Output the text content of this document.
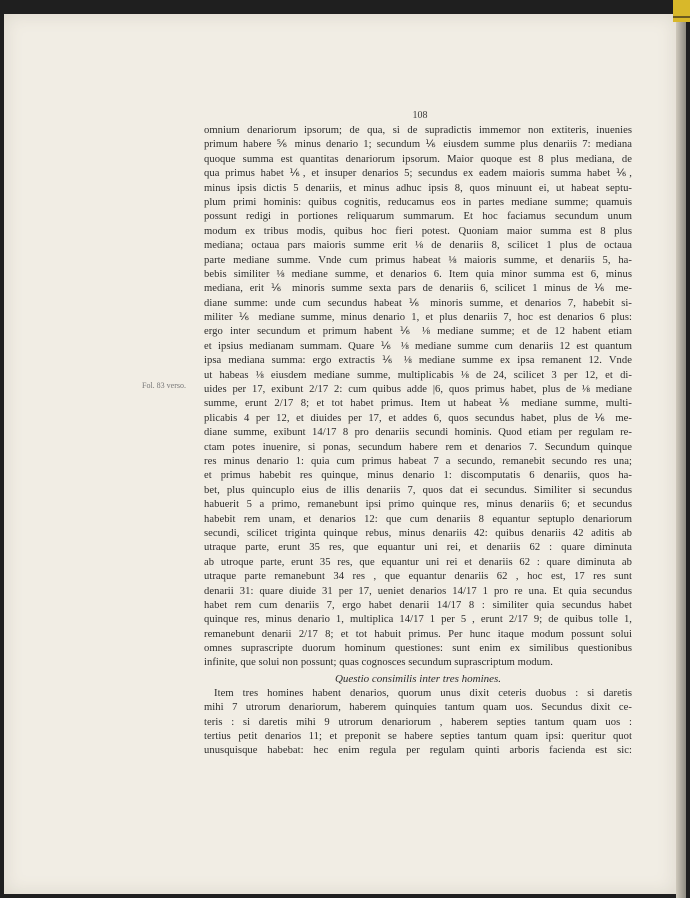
108
Fol. 83 verso.
omnium denariorum ipsorum; de qua, si de supradictis immemor non extiteris, inuenies
primum habere ⅚ minus denario 1; secundum ⅙ eiusdem summe plus denariis 7: mediana
quoque summa est quantitas denariorum ipsorum. Maior quoque est 8 plus mediana, de
qua primus habet ⅙, et insuper denarios 5; secundus ex eadem maioris summa habet ⅙,
minus ipsis dictis 5 denariis, et minus adhuc ipsis 8, quos minuunt ei, ut habeat septu-
plum primi hominis: quibus cognitis, reducamus eos in partes mediane summe; quamuis
possunt redigi in portiones reliquarum summarum. Et hoc faciamus secundum unum
modum ex tribus modis, quibus hoc fieri potest. Quoniam maior summa est 8 plus
mediana; octaua pars maioris summe erit ⅛ de denariis 8, scilicet 1 plus de octaua
parte mediane summe. Vnde cum primus habeat ⅛ maioris summe, et denariis 5, ha-
bebis similiter ⅛ mediane summe, et denarios 6. Item quia minor summa est 6, minus
mediana, erit ⅙ minoris summe sexta pars de denariis 6, scilicet 1 minus de ⅙ me-
diane summe: unde cum secundus habeat ⅙ minoris summe, et denarios 7, habebit si-
militer ⅙ mediane summe, minus denario 1, et plus denariis 7, hoc est denarios 6 plus:
ergo inter secundum et primum habent ⅙ ⅛ mediane summe; et de 12 habent etiam
et ipsius medianam summam. Quare ⅙ ⅛ mediane summe cum denariis 12 est quantum
ipsa mediana summa: ergo extractis ⅙ ⅛ mediane summe ex ipsa remanent 12. Vnde
ut habeas ⅛ eiusdem mediane summe, multiplicabis ⅛ de 24, scilicet 3 per 12, et di-
uides per 17, exibunt 2/17 2: cum quibus adde |6, quos primus habet, plus de ⅛ mediane
summe, erunt 2/17 8; et tot habet primus. Item ut habeat ⅙ mediane summe, multi-
plicabis 4 per 12, et diuides per 17, et addes 6, quos secundus habet, plus de ⅙ me-
diane summe, exibunt 14/17 8 pro denariis secundi hominis. Quod etiam per regulam re-
ctam potes inuenire, si ponas, secundum habere rem et denarios 7. Secundum quinque
res minus denario 1: quia cum primus habeat 7 a secundo, remanebit secundo res una;
et primus habebit res quinque, minus denario 1: discomputatis 6 denariis, quos ha-
bet, plus quincuplo eius de illis denariis 7, quos dat ei secundus. Similiter si secundus
habuerit 5 a primo, remanebunt ipsi primo quinque res, minus denariis 6; et secundus
habebit rem unam, et denarios 12: que cum denariis 8 equantur septuplo denariorum
secundi, scilicet triginta quinque rebus, minus denariis 42: quibus denariis 42 aditis ab
utraque parte, erunt 35 res, que equantur uni rei, et denariis 62 : quare diminuta
ab utroque parte, erunt 35 res, que equantur uni rei et denariis 62 : quare diminuta ab
utraque parte remanebunt 34 res , que equantur denariis 62 , hoc est, 17 res sunt
denarii 31: quare diuide 31 per 17, ueniet denarios 14/17 1 pro re una. Et quia secundus
habet rem cum denariis 7, ergo habet denarii 14/17 8 : similiter quia secundus habet
quinque res, minus denario 1, multiplica 14/17 1 per 5 , erunt 2/17 9; de quibus tolle 1,
remanebunt denarii 2/17 8; et tot habuit primus. Per hunc itaque modum possunt solui
omnes suprascripte duorum hominum questiones: sunt enim ex similibus questionibus
infinite, que solui non possunt; quas cognosces secundum suprascriptum modum.
Questio consimilis inter tres homines.
Item tres homines habent denarios, quorum unus dixit ceteris duobus : si daretis
mihi 7 utrorum denariorum, haberem quinquies tantum quam uos. Secundus dixit ce-
teris : si daretis mihi 9 utrorum denariorum , haberem septies tantum quam uos :
tertius petit denarios 11; et preponit se habere septies tantum quam ipsi: queritur quot
unusquisque habebat: hec enim regula per regulam quinti arboris facienda est sic:
